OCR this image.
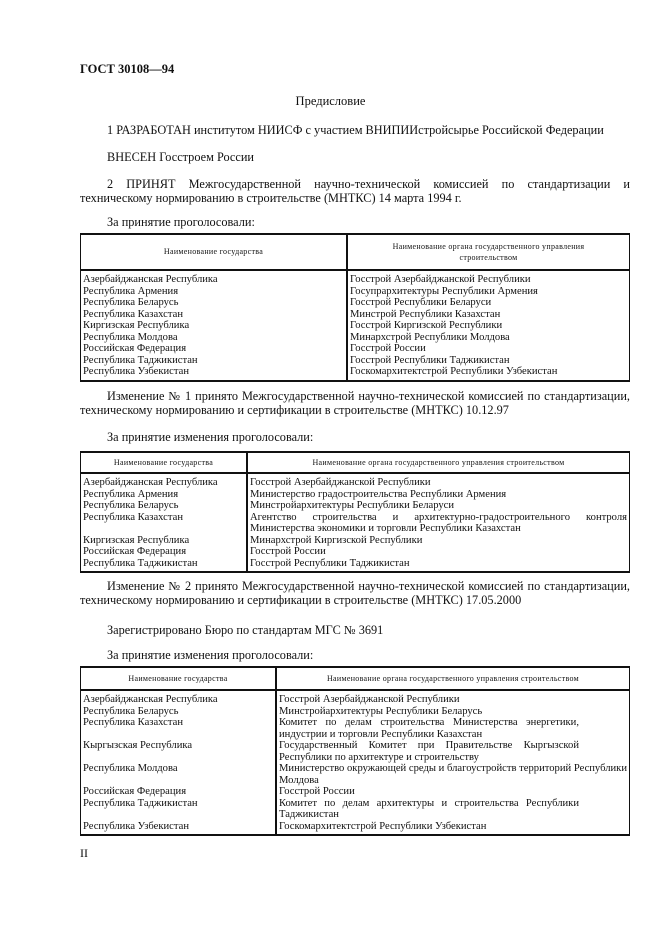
ГОСТ 30108—94
Предисловие
1 РАЗРАБОТАН институтом НИИСФ с участием ВНИПИИстройсырье Российской Федерации
ВНЕСЕН Госстроем России
2 ПРИНЯТ Межгосударственной научно-технической комиссией по стандартизации и техническому нормированию в строительстве (МНТКС) 14 марта 1994 г.
За принятие проголосовали:
Наименование государства	Наименование органа государственного управления строительством
Азербайджанская Республика	Госстрой Азербайджанской Республики
Республика Армения	Госупрархитектуры Республики Армения
Республика Беларусь	Госстрой Республики Беларуси
Республика Казахстан	Минстрой Республики Казахстан
Киргизская Республика	Госстрой Киргизской Республики
Республика Молдова	Минархстрой Республики Молдова
Российская Федерация	Госстрой России
Республика Таджикистан	Госстрой Республики Таджикистан
Республика Узбекистан	Госкомархитектстрой Республики Узбекистан
Изменение № 1 принято Межгосударственной научно-технической комиссией по стандартизации, техническому нормированию и сертификации в строительстве (МНТКС) 10.12.97
За принятие изменения проголосовали:
Наименование государства	Наименование органа государственного управления строительством
Азербайджанская Республика	Госстрой Азербайджанской Республики
Республика Армения	Министерство градостроительства Республики Армения
Республика Беларусь	Минстройархитектуры Республики Беларуси
Республика Казахстан	Агентство строительства и архитектурно-градостроительного контроля Министерства экономики и торговли Республики Казахстан
Киргизская Республика	Минархстрой Киргизской Республики
Российская Федерация	Госстрой России
Республика Таджикистан	Госстрой Республики Таджикистан
Изменение № 2 принято Межгосударственной научно-технической комиссией по стандартизации, техническому нормированию и сертификации в строительстве (МНТКС) 17.05.2000
Зарегистрировано Бюро по стандартам МГС № 3691
За принятие изменения проголосовали:
Наименование государства	Наименование органа государственного управления строительством
Азербайджанская Республика	Госстрой Азербайджанской Республики
Республика Беларусь	Минстройархитектуры Республики Беларусь
Республика Казахстан	Комитет по делам строительства Министерства энергетики, индустрии и торговли Республики Казахстан
Кыргызская Республика	Государственный Комитет при Правительстве Кыргызской Республики по архитектуре и строительству
Республика Молдова	Министерство окружающей среды и благоустройств территорий Республики Молдова
Российская Федерация	Госстрой России
Республика Таджикистан	Комитет по делам архитектуры и строительства Республики Таджикистан
Республика Узбекистан	Госкомархитектстрой Республики Узбекистан
II
